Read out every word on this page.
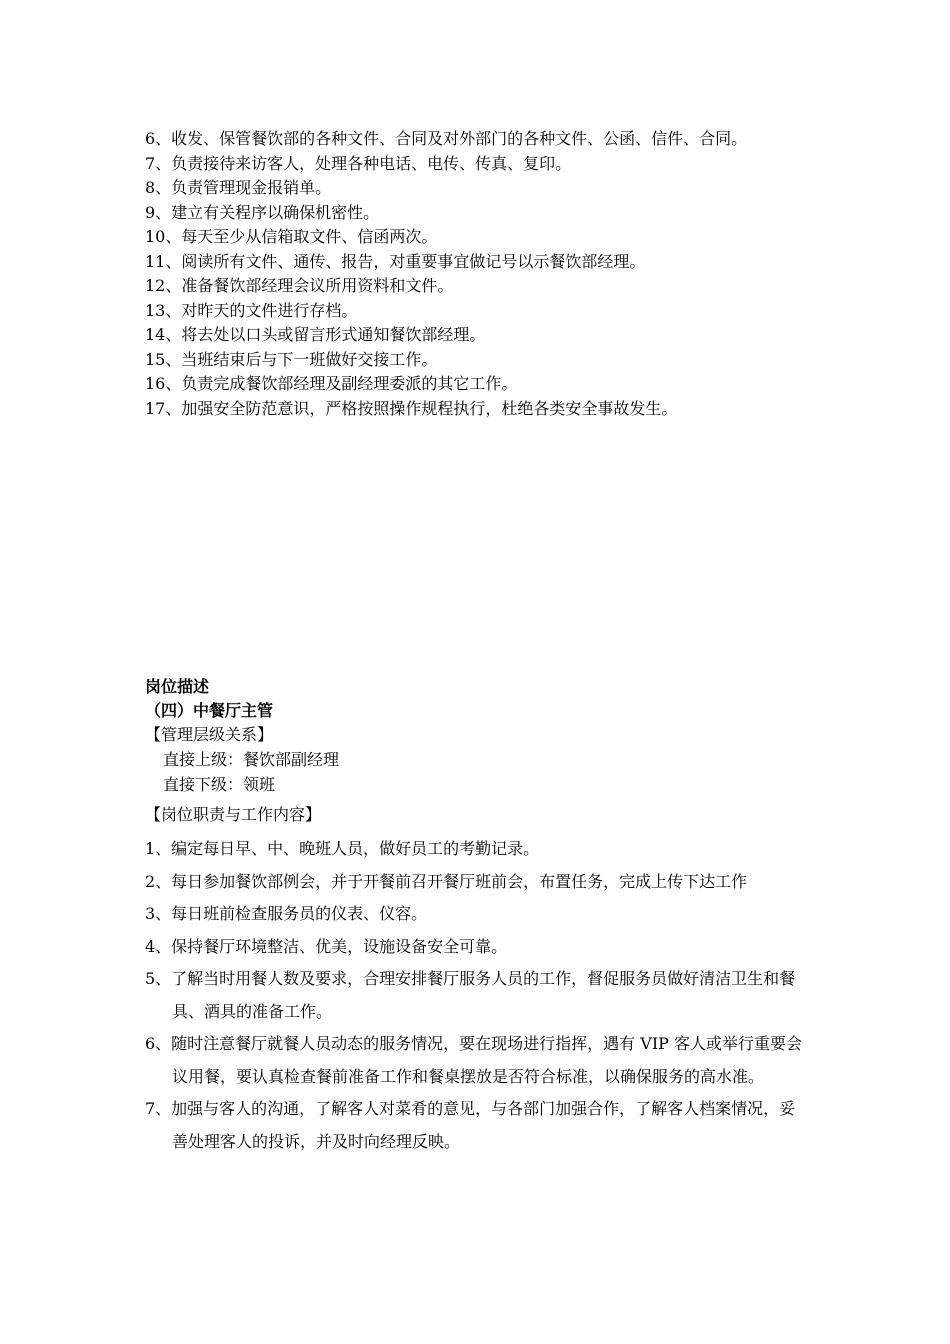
6、收发、保管餐饮部的各种文件、合同及对外部门的各种文件、公函、信件、合同。
7、负责接待来访客人，处理各种电话、电传、传真、复印。
8、负责管理现金报销单。
9、建立有关程序以确保机密性。
10、每天至少从信箱取文件、信函两次。
11、阅读所有文件、通传、报告，对重要事宜做记号以示餐饮部经理。
12、准备餐饮部经理会议所用资料和文件。
13、对昨天的文件进行存档。
14、将去处以口头或留言形式通知餐饮部经理。
15、当班结束后与下一班做好交接工作。
16、负责完成餐饮部经理及副经理委派的其它工作。
17、加强安全防范意识，严格按照操作规程执行，杜绝各类安全事故发生。
岗位描述
（四）中餐厅主管
【管理层级关系】
直接上级：餐饮部副经理
直接下级：领班
【岗位职责与工作内容】
1、编定每日早、中、晚班人员，做好员工的考勤记录。
2、每日参加餐饮部例会，并于开餐前召开餐厅班前会，布置任务，完成上传下达工作
3、每日班前检查服务员的仪表、仪容。
4、保持餐厅环境整洁、优美，设施设备安全可靠。
5、了解当时用餐人数及要求，合理安排餐厅服务人员的工作，督促服务员做好清洁卫生和餐具、酒具的准备工作。
6、随时注意餐厅就餐人员动态的服务情况，要在现场进行指挥，遇有 VIP 客人或举行重要会议用餐，要认真检查餐前准备工作和餐桌摆放是否符合标准，以确保服务的高水准。
7、加强与客人的沟通，了解客人对菜肴的意见，与各部门加强合作，了解客人档案情况，妥善处理客人的投诉，并及时向经理反映。
